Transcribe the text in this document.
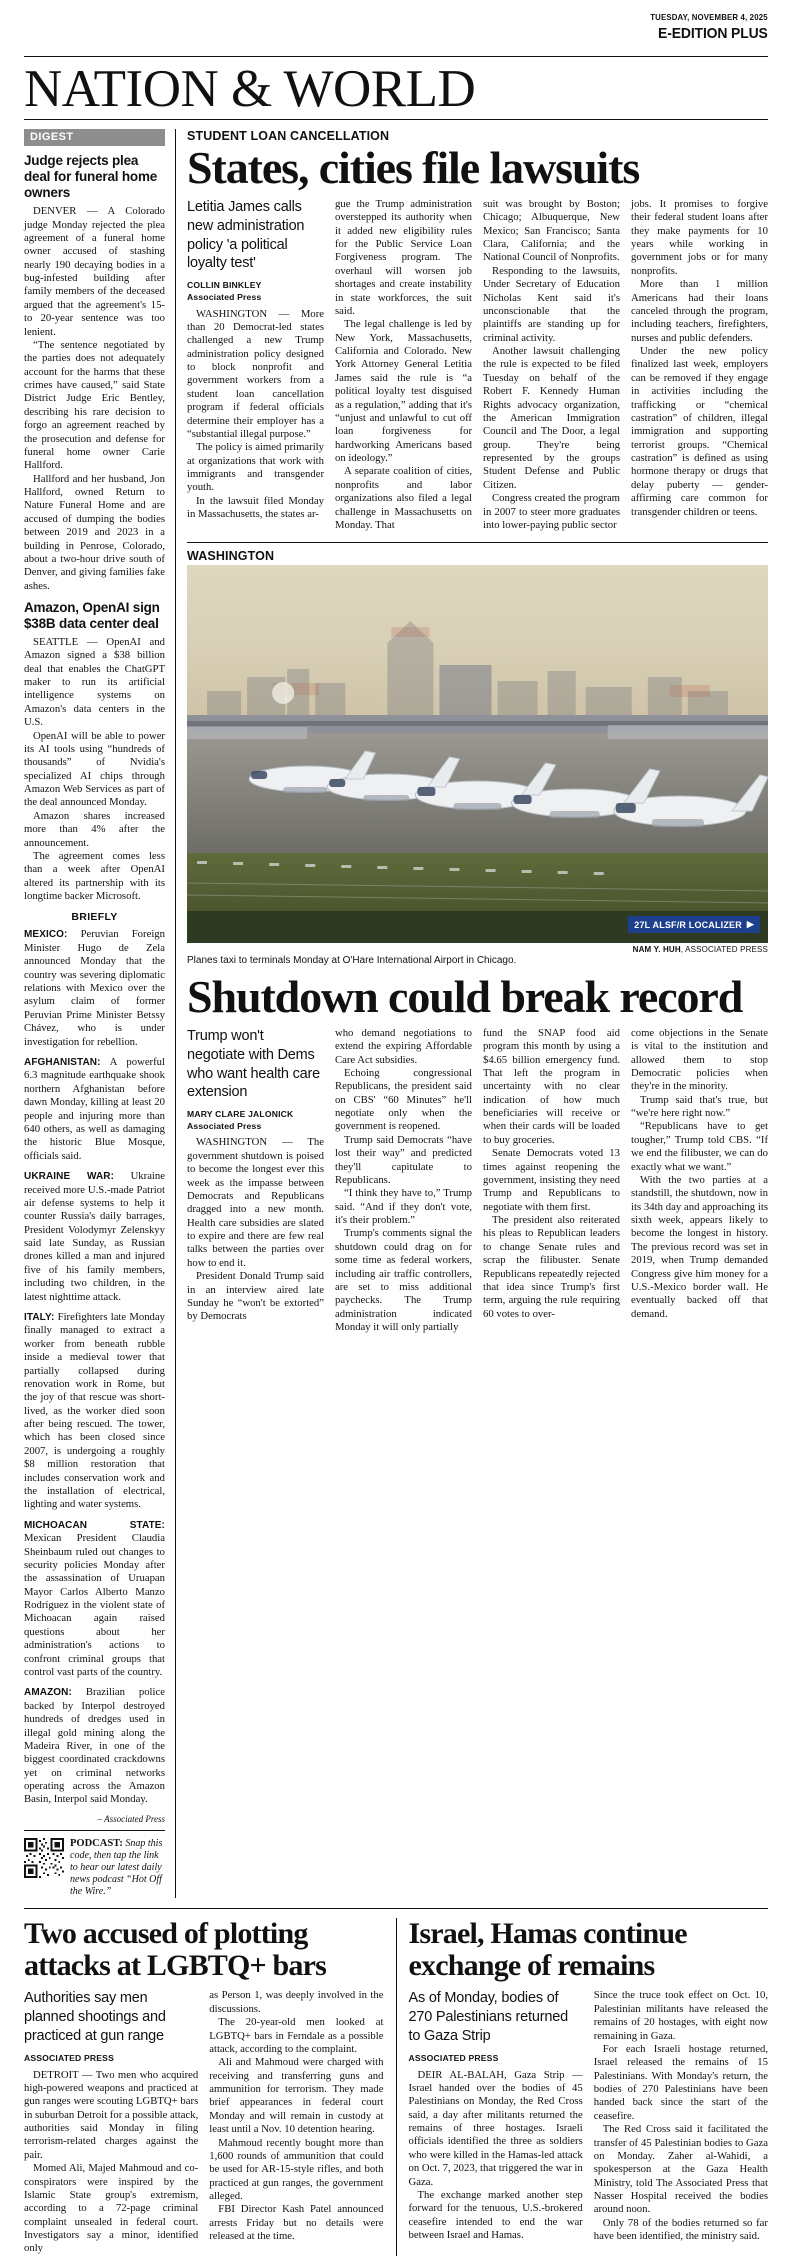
TUESDAY, NOVEMBER 4, 2025
E-EDITION PLUS
NATION & WORLD
DIGEST
Judge rejects plea deal for funeral home owners

DENVER — A Colorado judge Monday rejected the plea agreement of a funeral home owner accused of stashing nearly 190 decaying bodies in a bug-infested building after family members of the deceased argued that the agreement's 15- to 20-year sentence was too lenient.

“The sentence negotiated by the parties does not adequately account for the harms that these crimes have caused,” said State District Judge Eric Bentley, describing his rare decision to forgo an agreement reached by the prosecution and defense for funeral home owner Carie Hallford.

Hallford and her husband, Jon Hallford, owned Return to Nature Funeral Home and are accused of dumping the bodies between 2019 and 2023 in a building in Penrose, Colorado, about a two-hour drive south of Denver, and giving families fake ashes.

Amazon, OpenAI sign $38B data center deal

SEATTLE — OpenAI and Amazon signed a $38 billion deal that enables the ChatGPT maker to run its artificial intelligence systems on Amazon's data centers in the U.S.

OpenAI will be able to power its AI tools using “hundreds of thousands” of Nvidia's specialized AI chips through Amazon Web Services as part of the deal announced Monday.

Amazon shares increased more than 4% after the announcement.

The agreement comes less than a week after OpenAI altered its partnership with its longtime backer Microsoft.

BRIEFLY
MEXICO: Peruvian Foreign Minister Hugo de Zela announced Monday that the country was severing diplomatic relations with Mexico over the asylum claim of former Peruvian Prime Minister Betssy Chávez, who is under investigation for rebellion.
AFGHANISTAN: A powerful 6.3 magnitude earthquake shook northern Afghanistan before dawn Monday, killing at least 20 people and injuring more than 640 others, as well as damaging the historic Blue Mosque, officials said.
UKRAINE WAR: Ukraine received more U.S.-made Patriot air defense systems to help it counter Russia's daily barrages, President Volodymyr Zelenskyy said late Sunday, as Russian drones killed a man and injured five of his family members, including two children, in the latest nighttime attack.
ITALY: Firefighters late Monday finally managed to extract a worker from beneath rubble inside a medieval tower that partially collapsed during renovation work in Rome, but the joy of that rescue was short-lived, as the worker died soon after being rescued. The tower, which has been closed since 2007, is undergoing a roughly $8 million restoration that includes conservation work and the installation of electrical, lighting and water systems.
MICHOACAN STATE: Mexican President Claudia Sheinbaum ruled out changes to security policies Monday after the assassination of Uruapan Mayor Carlos Alberto Manzo Rodríguez in the violent state of Michoacan again raised questions about her administration's actions to confront criminal groups that control vast parts of the country.
AMAZON: Brazilian police backed by Interpol destroyed hundreds of dredges used in illegal gold mining along the Madeira River, in one of the biggest coordinated crackdowns yet on criminal networks operating across the Amazon Basin, Interpol said Monday.
– Associated Press
PODCAST: Snap this code, then tap the link to hear our latest daily news podcast “Hot Off the Wire.”
STUDENT LOAN CANCELLATION
States, cities file lawsuits
Letitia James calls new administration policy 'a political loyalty test'
COLLIN BINKLEY
Associated Press

WASHINGTON — More than 20 Democrat-led states challenged a new Trump administration policy designed to block nonprofit and government workers from a student loan cancellation program if federal officials determine their employer has a “substantial illegal purpose.”

The policy is aimed primarily at organizations that work with immigrants and transgender youth.

In the lawsuit filed Monday in Massachusetts, the states ar-

gue the Trump administration overstepped its authority when it added new eligibility rules for the Public Service Loan Forgiveness program. The overhaul will worsen job shortages and create instability in state workforces, the suit said.

The legal challenge is led by New York, Massachusetts, California and Colorado. New York Attorney General Letitia James said the rule is “a political loyalty test disguised as a regulation,” adding that it's “unjust and unlawful to cut off loan forgiveness for hardworking Americans based on ideology.”

A separate coalition of cities, nonprofits and labor organizations also filed a legal challenge in Massachusetts on Monday. That

suit was brought by Boston; Chicago; Albuquerque, New Mexico; San Francisco; Santa Clara, California; and the National Council of Nonprofits.

Responding to the lawsuits, Under Secretary of Education Nicholas Kent said it's unconscionable that the plaintiffs are standing up for criminal activity.

Another lawsuit challenging the rule is expected to be filed Tuesday on behalf of the Robert F. Kennedy Human Rights advocacy organization, the American Immigration Council and The Door, a legal group. They're being represented by the groups Student Defense and Public Citizen.

Congress created the program in 2007 to steer more graduates into lower-paying public sector

jobs. It promises to forgive their federal student loans after they make payments for 10 years while working in government jobs or for many nonprofits.

More than 1 million Americans had their loans canceled through the program, including teachers, firefighters, nurses and public defenders.

Under the new policy finalized last week, employers can be removed if they engage in activities including the trafficking or “chemical castration” of children, illegal immigration and supporting terrorist groups. “Chemical castration” is defined as using hormone therapy or drugs that delay puberty — gender-affirming care common for transgender children or teens.

WASHINGTON
27L ALSF/R LOCALIZER ▶
NAM Y. HUH, ASSOCIATED PRESS
Planes taxi to terminals Monday at O'Hare International Airport in Chicago.
Shutdown could break record
Trump won't negotiate with Dems who want health care extension
MARY CLARE JALONICK
Associated Press

WASHINGTON — The government shutdown is poised to become the longest ever this week as the impasse between Democrats and Republicans dragged into a new month. Health care subsidies are slated to expire and there are few real talks between the parties over how to end it.

President Donald Trump said in an interview aired late Sunday he “won't be extorted” by Democrats

who demand negotiations to extend the expiring Affordable Care Act subsidies.

Echoing congressional Republicans, the president said on CBS' “60 Minutes” he'll negotiate only when the government is reopened.

Trump said Democrats “have lost their way” and predicted they'll capitulate to Republicans.

“I think they have to,” Trump said. “And if they don't vote, it's their problem.”

Trump's comments signal the shutdown could drag on for some time as federal workers, including air traffic controllers, are set to miss additional paychecks. The Trump administration indicated Monday it will only partially

fund the SNAP food aid program this month by using a $4.65 billion emergency fund. That left the program in uncertainty with no clear indication of how much beneficiaries will receive or when their cards will be loaded to buy groceries.

Senate Democrats voted 13 times against reopening the government, insisting they need Trump and Republicans to negotiate with them first.

The president also reiterated his pleas to Republican leaders to change Senate rules and scrap the filibuster. Senate Republicans repeatedly rejected that idea since Trump's first term, arguing the rule requiring 60 votes to over-

come objections in the Senate is vital to the institution and allowed them to stop Democratic policies when they're in the minority.

Trump said that's true, but “we're here right now.”

“Republicans have to get tougher,” Trump told CBS. “If we end the filibuster, we can do exactly what we want.”

With the two parties at a standstill, the shutdown, now in its 34th day and approaching its sixth week, appears likely to become the longest in history. The previous record was set in 2019, when Trump demanded Congress give him money for a U.S.-Mexico border wall. He eventually backed off that demand.

Two accused of plotting attacks at LGBTQ+ bars
Authorities say men planned shootings and practiced at gun range
ASSOCIATED PRESS

DETROIT — Two men who acquired high-powered weapons and practiced at gun ranges were scouting LGBTQ+ bars in suburban Detroit for a possible attack, authorities said Monday in filing terrorism-related charges against the pair.

Momed Ali, Majed Mahmoud and co-conspirators were inspired by the Islamic State group's extremism, according to a 72-page criminal complaint unsealed in federal court. Investigators say a minor, identified only

as Person 1, was deeply involved in the discussions.

The 20-year-old men looked at LGBTQ+ bars in Ferndale as a possible attack, according to the complaint.

Ali and Mahmoud were charged with receiving and transferring guns and ammunition for terrorism. They made brief appearances in federal court Monday and will remain in custody at least until a Nov. 10 detention hearing.

Mahmoud recently bought more than 1,600 rounds of ammunition that could be used for AR-15-style rifles, and both practiced at gun ranges, the government alleged.

FBI Director Kash Patel announced arrests Friday but no details were released at the time.

Israel, Hamas continue exchange of remains
As of Monday, bodies of 270 Palestinians returned to Gaza Strip
ASSOCIATED PRESS

DEIR AL-BALAH, Gaza Strip — Israel handed over the bodies of 45 Palestinians on Monday, the Red Cross said, a day after militants returned the remains of three hostages. Israeli officials identified the three as soldiers who were killed in the Hamas-led attack on Oct. 7, 2023, that triggered the war in Gaza.

The exchange marked another step forward for the tenuous, U.S.-brokered ceasefire intended to end the war between Israel and Hamas.

Since the truce took effect on Oct. 10, Palestinian militants have released the remains of 20 hostages, with eight now remaining in Gaza.

For each Israeli hostage returned, Israel released the remains of 15 Palestinians. With Monday's return, the bodies of 270 Palestinians have been handed back since the start of the ceasefire.

The Red Cross said it facilitated the transfer of 45 Palestinian bodies to Gaza on Monday. Zaher al-Wahidi, a spokesperson at the Gaza Health Ministry, told The Associated Press that Nasser Hospital received the bodies around noon.

Only 78 of the bodies returned so far have been identified, the ministry said.
